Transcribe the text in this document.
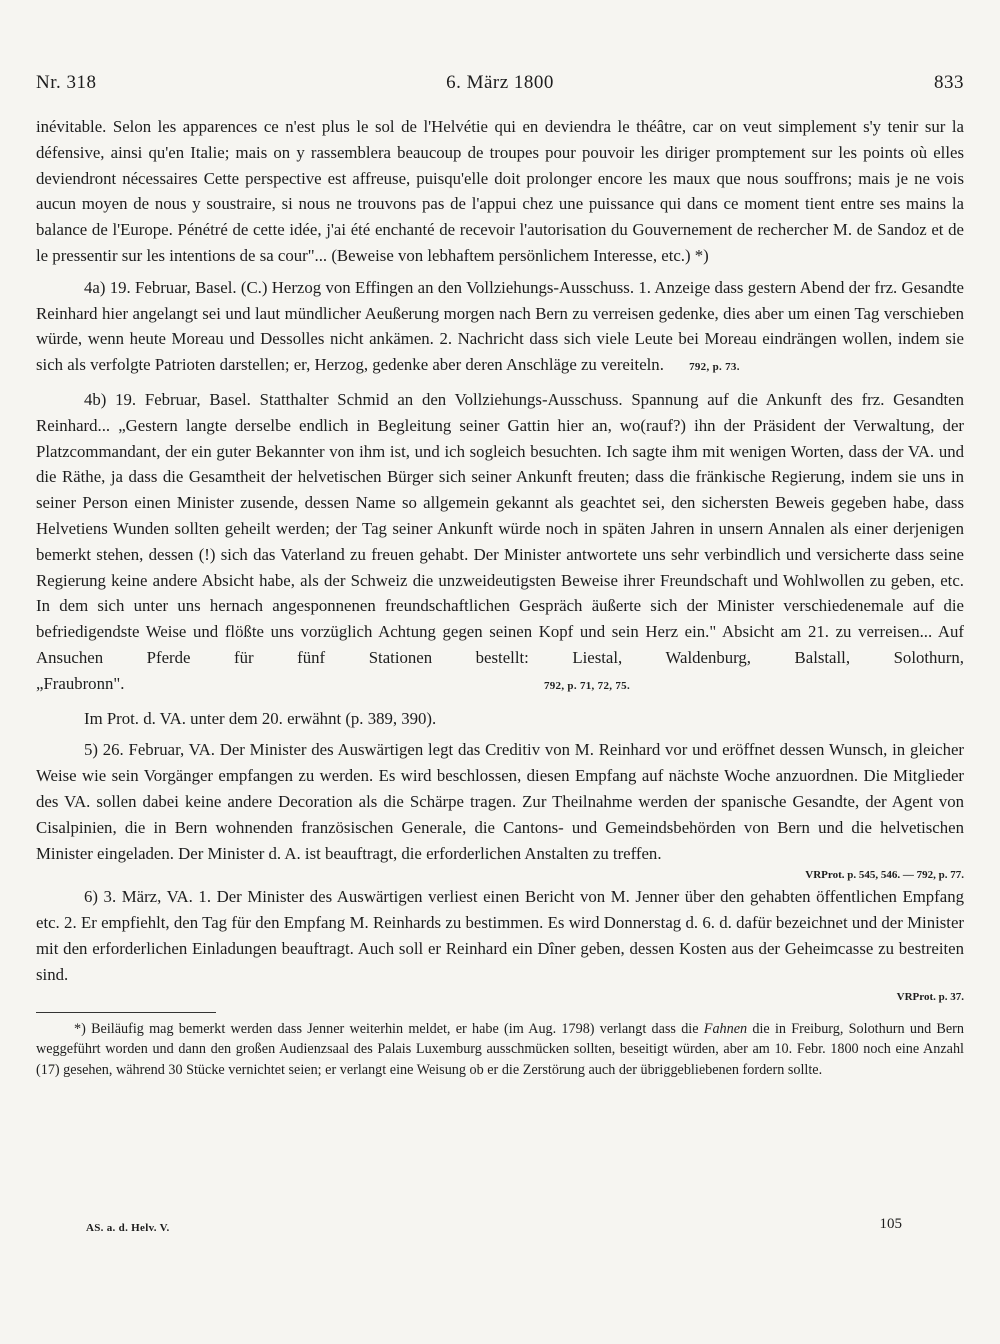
Nr. 318	6. März 1800	833

inévitable. Selon les apparences ce n'est plus le sol de l'Helvétie qui en deviendra le théâtre, car on veut simplement s'y tenir sur la défensive, ainsi qu'en Italie; mais on y rassemblera beaucoup de troupes pour pouvoir les diriger promptement sur les points où elles deviendront nécessaires Cette perspective est affreuse, puisqu'elle doit prolonger encore les maux que nous souffrons; mais je ne vois aucun moyen de nous y soustraire, si nous ne trouvons pas de l'appui chez une puissance qui dans ce moment tient entre ses mains la balance de l'Europe. Pénétré de cette idée, j'ai été enchanté de recevoir l'autorisation du Gouvernement de rechercher M. de Sandoz et de le pressentir sur les intentions de sa cour"... (Beweise von lebhaftem persönlichem Interesse, etc.) *)

4a) 19. Februar, Basel. (C.) Herzog von Effingen an den Vollziehungs-Ausschuss. 1. Anzeige dass gestern Abend der frz. Gesandte Reinhard hier angelangt sei und laut mündlicher Aeußerung morgen nach Bern zu verreisen gedenke, dies aber um einen Tag verschieben würde, wenn heute Moreau und Dessolles nicht ankämen. 2. Nachricht dass sich viele Leute bei Moreau eindrängen wollen, indem sie sich als verfolgte Patrioten darstellen; er, Herzog, gedenke aber deren Anschläge zu vereiteln. 792, p. 73.

4b) 19. Februar, Basel. Statthalter Schmid an den Vollziehungs-Ausschuss. Spannung auf die Ankunft des frz. Gesandten Reinhard... „Gestern langte derselbe endlich in Begleitung seiner Gattin hier an, wo(rauf?) ihn der Präsident der Verwaltung, der Platzcommandant, der ein guter Bekannter von ihm ist, und ich sogleich besuchten. Ich sagte ihm mit wenigen Worten, dass der VA. und die Räthe, ja dass die Gesamtheit der helvetischen Bürger sich seiner Ankunft freuten; dass die fränkische Regierung, indem sie uns in seiner Person einen Minister zusende, dessen Name so allgemein gekannt als geachtet sei, den sichersten Beweis gegeben habe, dass Helvetiens Wunden sollten geheilt werden; der Tag seiner Ankunft würde noch in späten Jahren in unsern Annalen als einer derjenigen bemerkt stehen, dessen (!) sich das Vaterland zu freuen gehabt. Der Minister antwortete uns sehr verbindlich und versicherte dass seine Regierung keine andere Absicht habe, als der Schweiz die unzweideutigsten Beweise ihrer Freundschaft und Wohlwollen zu geben, etc. In dem sich unter uns hernach angesponnenen freundschaftlichen Gespräch äußerte sich der Minister verschiedenemale auf die befriedigendste Weise und flößte uns vorzüglich Achtung gegen seinen Kopf und sein Herz ein." Absicht am 21. zu verreisen... Auf Ansuchen Pferde für fünf Stationen bestellt: Liestal, Waldenburg, Balstall, Solothurn, „Fraubronn".	792, p. 71, 72, 75.

Im Prot. d. VA. unter dem 20. erwähnt (p. 389, 390).

5) 26. Februar, VA. Der Minister des Auswärtigen legt das Creditiv von M. Reinhard vor und eröffnet dessen Wunsch, in gleicher Weise wie sein Vorgänger empfangen zu werden. Es wird beschlossen, diesen Empfang auf nächste Woche anzuordnen. Die Mitglieder des VA. sollen dabei keine andere Decoration als die Schärpe tragen. Zur Theilnahme werden der spanische Gesandte, der Agent von Cisalpinien, die in Bern wohnenden französischen Generale, die Cantons- und Gemeindsbehörden von Bern und die helvetischen Minister eingeladen. Der Minister d. A. ist beauftragt, die erforderlichen Anstalten zu treffen.

VRProt. p. 545, 546. — 792, p. 77.

6) 3. März, VA. 1. Der Minister des Auswärtigen verliest einen Bericht von M. Jenner über den gehabten öffentlichen Empfang etc. 2. Er empfiehlt, den Tag für den Empfang M. Reinhards zu bestimmen. Es wird Donnerstag d. 6. d. dafür bezeichnet und der Minister mit den erforderlichen Einladungen beauftragt. Auch soll er Reinhard ein Dîner geben, dessen Kosten aus der Geheimcasse zu bestreiten sind.

VRProt. p. 37.

*) Beiläufig mag bemerkt werden dass Jenner weiterhin meldet, er habe (im Aug. 1798) verlangt dass die Fahnen die in Freiburg, Solothurn und Bern weggeführt worden und dann den großen Audienzsaal des Palais Luxemburg ausschmücken sollten, beseitigt würden, aber am 10. Febr. 1800 noch eine Anzahl (17) gesehen, während 30 Stücke vernichtet seien; er verlangt eine Weisung ob er die Zerstörung auch der übriggebliebenen fordern sollte.

AS. a. d. Helv. V.	105
